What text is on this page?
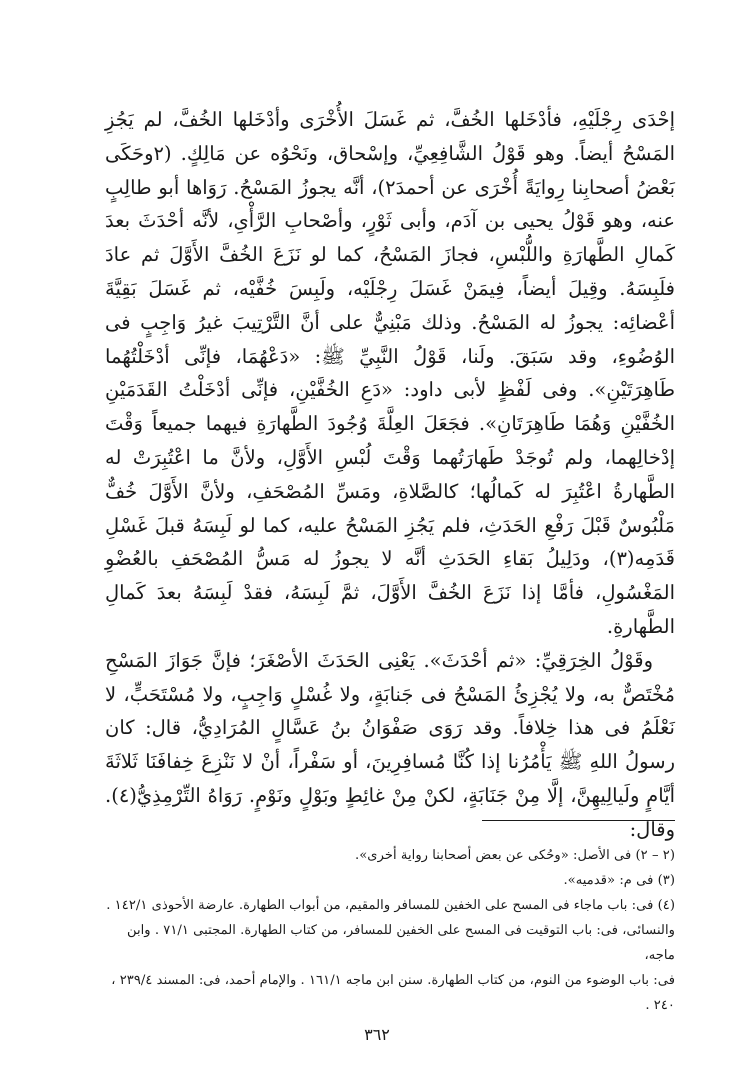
إحْدَى رِجْلَيْهِ، فأدْخَلها الخُفَّ، ثم غَسَلَ الأُخْرَى وأدْخَلها الخُفَّ، لم يَجُزِ المَسْحُ أيضاً. وهو قَوْلُ الشَّافِعِيِّ، وإسْحاق، ونَحْوُه عن مَالِكٍ. (٢وحَكَى بَعْضُ أصحابِنا رِوايَةً أُخْرَى عن أحمدَ٢)، أنَّه يجوزُ المَسْحُ. رَوَاها أبو طالِبٍ عنه، وهو قَوْلُ يحيى بن آدَم، وأبى ثَوْرٍ، وأصْحابِ الرَّأْىِ، لأنَّه أحْدَثَ بعدَ كَمالِ الطَّهارَةِ واللُّبْسِ، فجازَ المَسْحُ، كما لو نَزَعَ الخُفَّ الأَوَّلَ ثم عادَ فلَبِسَهُ. وقِيلَ أيضاً، فِيمَنْ غَسَلَ رِجْلَيْه، ولَبِسَ خُفَّيْه، ثم غَسَلَ بَقِيَّةَ أعْضائِه: يجوزُ له المَسْحُ. وذلك مَبْنِيٌّ على أنَّ التَّرْتِيبَ غيرُ وَاجِبٍ فى الوُضُوءِ، وقد سَبَقَ. ولَنا، قَوْلُ النَّبِيِّ ﷺ: «دَعْهُمَا، فإنِّى أدْخَلْتُهُما طَاهِرَتَيْنِ». وفى لَفْظٍ لأبى داود: «دَعِ الخُفَّيْنِ، فإنِّى أدْخَلْتُ القَدَمَيْنِ الخُفَّيْنِ وَهُمَا طَاهِرَتَانِ». فجَعَلَ العِلَّةَ وُجُودَ الطَّهارَةِ فيهما جميعاً وَقْتَ إدْخالِهما، ولم تُوجَدْ طَهارَتُهما وَقْتَ لُبْسِ الأَوَّلِ، ولأنَّ ما اعْتُبِرَتْ له الطَّهارةُ اعْتُبِرَ له كَمالُها؛ كالصَّلاةِ، ومَسِّ المُصْحَفِ، ولأنَّ الأَوَّلَ خُفٌّ مَلْبُوسٌ قَبْلَ رَفْعِ الحَدَثِ، فلم يَجُزِ المَسْحُ عليه، كما لو لَبِسَهُ قبلَ غَسْلِ قَدَمِه(٣)، ودَلِيلُ بَقاءِ الحَدَثِ أنَّه لا يجوزُ له مَسُّ المُصْحَفِ بالعُضْوِ المَغْسُولِ، فأمَّا إذا نَزَعَ الخُفَّ الأَوَّلَ، ثمَّ لَبِسَهُ، فقدْ لَبِسَهُ بعدَ كَمالِ الطَّهارةِ.

وقَوْلُ الخِرَقِيِّ: «ثم أحْدَثَ». يَعْنِى الحَدَثَ الأصْغَرَ؛ فإنَّ جَوَازَ المَسْحِ مُخْتَصٌّ به، ولا يُجْزِئُ المَسْحُ فى جَنابَةٍ، ولا غُسْلٍ وَاجِبٍ، ولا مُسْتَحَبٍّ، لا نَعْلَمُ فى هذا خِلافاً. وقد رَوَى صَفْوَانُ بنُ عَسَّالٍ المُرَادِيُّ، قال: كان رسولُ اللهِ ﷺ يَأْمُرُنا إذا كُنَّا مُسافِرِينَ، أو سَفْراً، أنْ لا نَنْزِعَ خِفافَنَا ثَلاثَةَ أيَّامٍ ولَيالِيهِنَّ، إلَّا مِنْ جَنَابَةٍ، لكنْ مِنْ غائِطٍ وبَوْلٍ ونَوْمٍ. رَوَاهُ التِّرْمِذِيُّ(٤). وقال:

(٢ – ٢) فى الأصل: «وحُكى عن بعض أصحابنا رواية أخرى».
(٣) فى م: «قدميه».
(٤) فى: باب ماجاء فى المسح على الخفين للمسافر والمقيم، من أبواب الطهارة. عارضة الأحوذى ١٤٢/١ .
والنسائى، فى: باب التوقيت فى المسح على الخفين للمسافر، من كتاب الطهارة. المجتبى ٧١/١ . وابن ماجه،
فى: باب الوضوء من النوم، من كتاب الطهارة. سنن ابن ماجه ١٦١/١ . والإمام أحمد، فى: المسند ٢٣٩/٤ ،
٢٤٠ .
٣٦٢
